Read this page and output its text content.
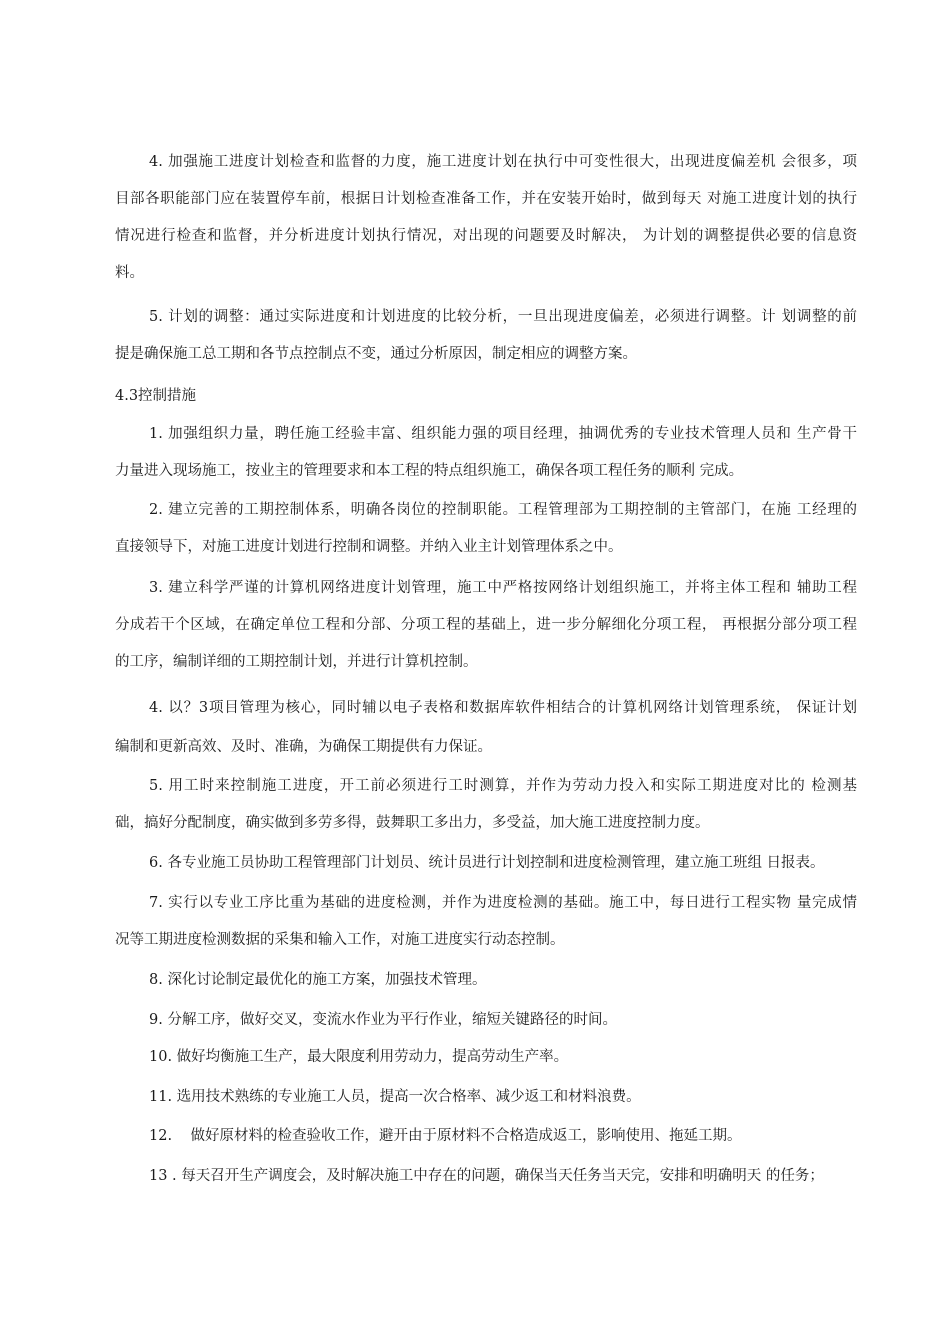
4. 加强施工进度计划检查和监督的力度，施工进度计划在执行中可变性很大，出现进度偏差机 会很多，项
目部各职能部门应在装置停车前，根据日计划检查准备工作，并在安装开始时，做到每天 对施工进度计划的执行
情况进行检查和监督，并分析进度计划执行情况，对出现的问题要及时解决， 为计划的调整提供必要的信息资
料。
5. 计划的调整：通过实际进度和计划进度的比较分析，一旦出现进度偏差，必须进行调整。计 划调整的前
提是确保施工总工期和各节点控制点不变，通过分析原因，制定相应的调整方案。
4.3控制措施
1. 加强组织力量，聘任施工经验丰富、组织能力强的项目经理，抽调优秀的专业技术管理人员和 生产骨干
力量进入现场施工，按业主的管理要求和本工程的特点组织施工，确保各项工程任务的顺利 完成。
2. 建立完善的工期控制体系，明确各岗位的控制职能。工程管理部为工期控制的主管部门，在施 工经理的
直接领导下，对施工进度计划进行控制和调整。并纳入业主计划管理体系之中。
3. 建立科学严谨的计算机网络进度计划管理，施工中严格按网络计划组织施工，并将主体工程和 辅助工程
分成若干个区域，在确定单位工程和分部、分项工程的基础上，进一步分解细化分项工程， 再根据分部分项工程
的工序，编制详细的工期控制计划，并进行计算机控制。
4. 以？3项目管理为核心，同时辅以电子表格和数据库软件相结合的计算机网络计划管理系统， 保证计划
编制和更新高效、及时、准确，为确保工期提供有力保证。
5. 用工时来控制施工进度，开工前必须进行工时测算，并作为劳动力投入和实际工期进度对比的 检测基
础，搞好分配制度，确实做到多劳多得，鼓舞职工多出力，多受益，加大施工进度控制力度。
6. 各专业施工员协助工程管理部门计划员、统计员进行计划控制和进度检测管理，建立施工班组 日报表。
7. 实行以专业工序比重为基础的进度检测，并作为进度检测的基础。施工中，每日进行工程实物 量完成情
况等工期进度检测数据的采集和输入工作，对施工进度实行动态控制。
8. 深化讨论制定最优化的施工方案，加强技术管理。
9. 分解工序，做好交叉，变流水作业为平行作业，缩短关键路径的时间。
10. 做好均衡施工生产，最大限度利用劳动力，提高劳动生产率。
11. 选用技术熟练的专业施工人员，提高一次合格率、减少返工和材料浪费。
12.    做好原材料的检查验收工作，避开由于原材料不合格造成返工，影响使用、拖延工期。
13 . 每天召开生产调度会，及时解决施工中存在的问题，确保当天任务当天完，安排和明确明天 的任务；
